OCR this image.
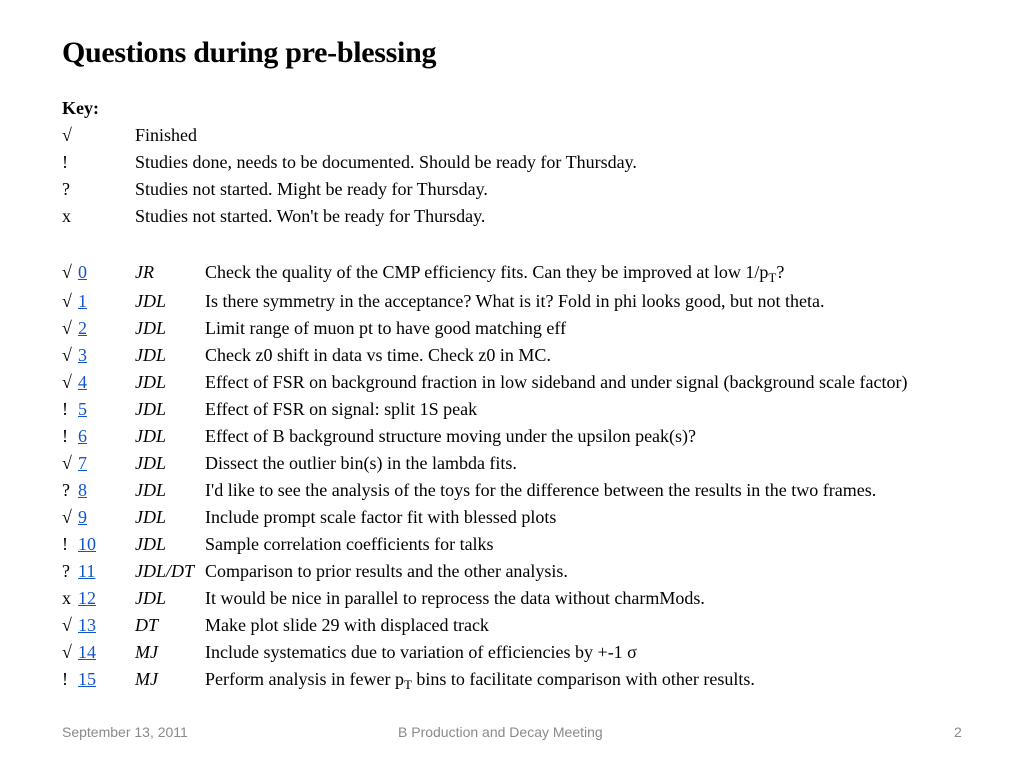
Questions during pre-blessing
Key:
√	Finished
!	Studies done, needs to be documented. Should be ready for Thursday.
?	Studies not started. Might be ready for Thursday.
x	Studies not started. Won't be ready for Thursday.
√ 0	JR	Check the quality of the CMP efficiency fits. Can they be improved at low $1/p_T$?
√ 1	JDL Is there symmetry in the acceptance? What is it? Fold in phi looks good, but not theta.
√ 2	JDL Limit range of muon pt to have good matching eff
√ 3	JDL Check z0 shift in data vs time. Check z0 in MC.
√ 4	JDL Effect of FSR on background fraction in low sideband and under signal (background scale factor)
! 5	JDL Effect of FSR on signal: split 1S peak
! 6	JDL Effect of B background structure moving under the upsilon peak(s)?
√ 7	JDL Dissect the outlier bin(s) in the lambda fits.
? 8	JDL I'd like to see the analysis of the toys for the difference between the results in the two frames.
√ 9	JDL Include prompt scale factor fit with blessed plots
! 10 JDL Sample correlation coefficients for talks
? 11 JDL/DT Comparison to prior results and the other analysis.
x 12 JDL It would be nice in parallel to reprocess the data without charmMods.
√ 13 DT	Make plot slide 29 with displaced track
√ 14 MJ	Include systematics due to variation of efficiencies by +-1 σ
! 15 MJ	Perform analysis in fewer $p_T$ bins to facilitate comparison with other results.
September 13, 2011	B Production and Decay Meeting	2
